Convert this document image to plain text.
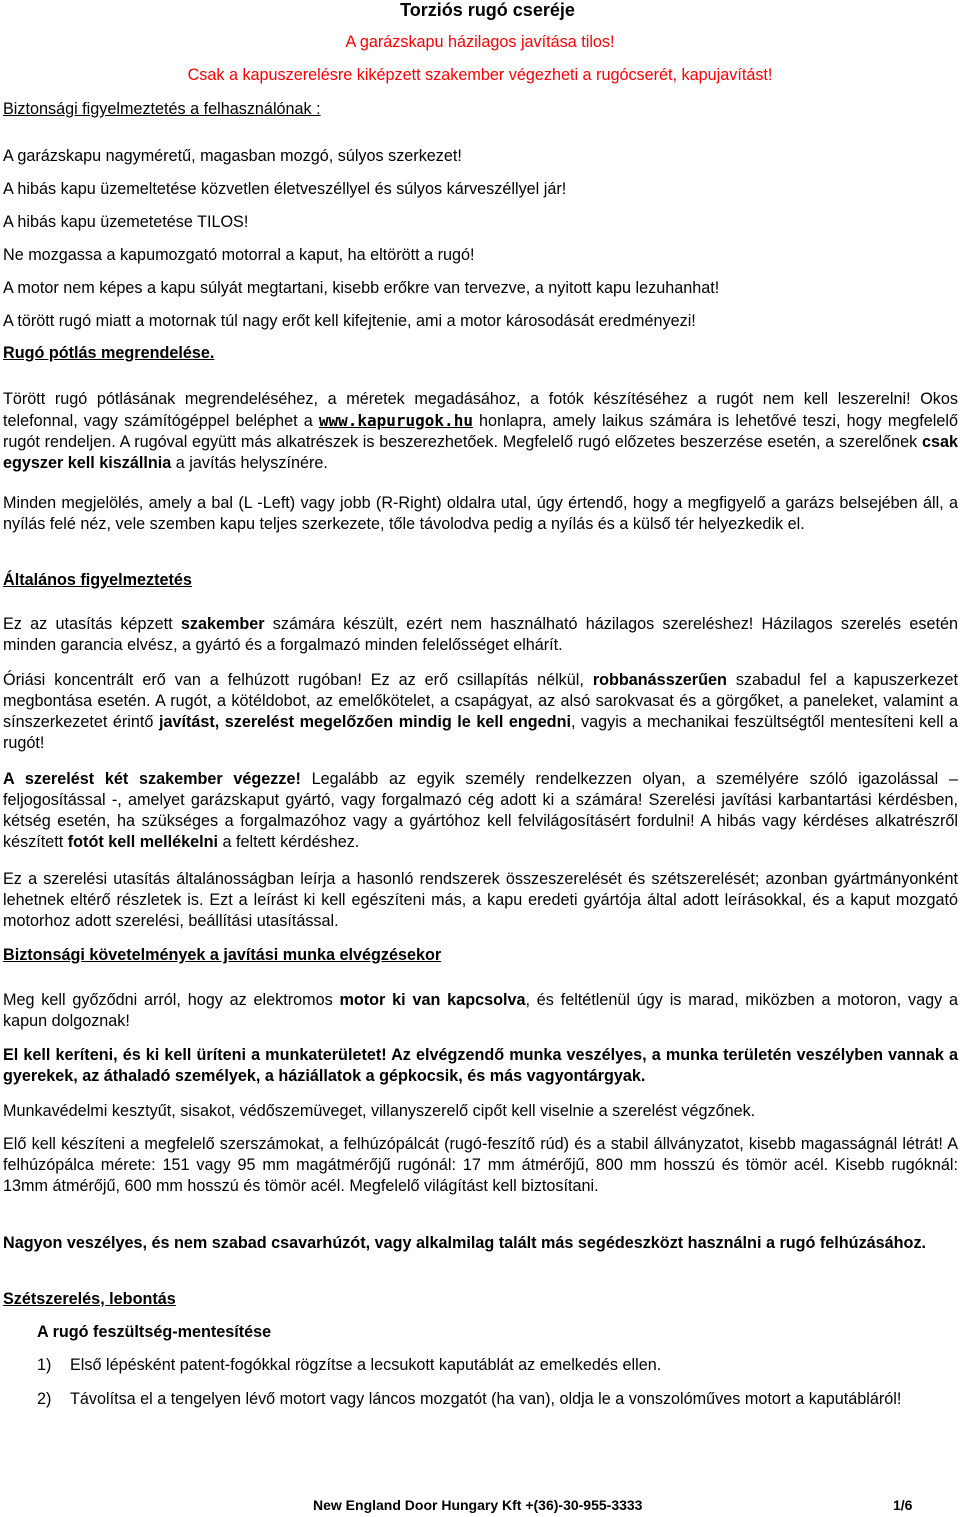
Torziós rugó cseréje
A garázskapu házilagos javítása tilos!
Csak a kapuszerelésre kiképzett szakember végezheti a rugócserét, kapujavítást!
Biztonsági figyelmeztetés a felhasználónak :
A garázskapu nagyméretű, magasban mozgó, súlyos szerkezet!
A hibás kapu üzemeltetése közvetlen életveszéllyel és súlyos kárveszéllyel jár!
A hibás kapu üzemetetése TILOS!
Ne mozgassa a kapumozgató motorral a kaput, ha eltörött a rugó!
A motor nem képes a kapu súlyát megtartani, kisebb erőkre van tervezve, a nyitott kapu lezuhanhat!
A törött rugó miatt a motornak túl nagy erőt kell kifejtenie, ami a motor károsodását eredményezi!
Rugó pótlás megrendelése.
Törött rugó pótlásának megrendeléséhez, a méretek megadásához, a fotók készítéséhez a rugót nem kell leszerelni! Okos telefonnal, vagy számítógéppel beléphet a www.kapurugok.hu honlapra, amely laikus számára is lehetővé teszi, hogy megfelelő rugót rendeljen. A rugóval együtt más alkatrészek is beszerezhetőek. Megfelelő rugó előzetes beszerzése esetén, a szerelőnek csak egyszer kell kiszállnia a javítás helyszínére.
Minden megjelölés, amely a bal (L -Left) vagy jobb (R-Right) oldalra utal, úgy értendő, hogy a megfigyelő a garázs belsejében áll, a nyílás felé néz, vele szemben kapu teljes szerkezete, tőle távolodva pedig a nyílás és a külső tér helyezkedik el.
Általános figyelmeztetés
Ez az utasítás képzett szakember számára készült, ezért nem használható házilagos szereléshez! Házilagos szerelés esetén minden garancia elvész, a gyártó és a forgalmazó minden felelősséget elhárít.
Óriási koncentrált erő van a felhúzott rugóban! Ez az erő csillapítás nélkül, robbanásszerűen szabadul fel a kapuszerkezet megbontása esetén. A rugót, a kötéldobot, az emelőkötelet, a csapágyat, az alsó sarokvasat és a görgőket, a paneleket, valamint a sínszerkezetet érintő javítást, szerelést megelőzően mindig le kell engedni, vagyis a mechanikai feszültségtől mentesíteni kell a rugót!
A szerelést két szakember végezze! Legalább az egyik személy rendelkezzen olyan, a személyére szóló igazolással – feljogosítással -, amelyet garázskaput gyártó, vagy forgalmazó cég adott ki a számára! Szerelési javítási karbantartási kérdésben, kétség esetén, ha szükséges a forgalmazóhoz vagy a gyártóhoz kell felvilágosításért fordulni! A hibás vagy kérdéses alkatrészről készített fotót kell mellékelni a feltett kérdéshez.
Ez a szerelési utasítás általánosságban leírja a hasonló rendszerek összeszerelését és szétszerelését; azonban gyártmányonként lehetnek eltérő részletek is. Ezt a leírást ki kell egészíteni más, a kapu eredeti gyártója által adott leírásokkal, és a kaput mozgató motorhoz adott szerelési, beállítási utasítással.
Biztonsági követelmények a javítási munka elvégzésekor
Meg kell győződni arról, hogy az elektromos motor ki van kapcsolva, és feltétlenül úgy is marad, miközben a motoron, vagy a kapun dolgoznak!
El kell keríteni, és ki kell üríteni a munkaterületet! Az elvégzendő munka veszélyes, a munka területén veszélyben vannak a gyerekek, az áthaladó személyek, a háziállatok a gépkocsik, és más vagyontárgyak.
Munkavédelmi kesztyűt, sisakot, védőszemüveget, villanyszerelő cipőt kell viselnie a szerelést végzőnek.
Elő kell készíteni a megfelelő szerszámokat, a felhúzópálcát (rugó-feszítő rúd) és a stabil állványzatot, kisebb magasságnál létrát! A felhúzópálca mérete: 151 vagy 95 mm magátmérőjű rugónál: 17 mm átmérőjű, 800 mm hosszú és tömör acél. Kisebb rugóknál: 13mm átmérőjű, 600 mm hosszú és tömör acél. Megfelelő világítást kell biztosítani.
Nagyon veszélyes, és nem szabad csavarhúzót, vagy alkalmilag talált más segédeszközt használni a rugó felhúzásához.
Szétszerelés, lebontás
A rugó feszültség-mentesítése
1) Első lépésként patent-fogókkal rögzítse a lecsukott kaputáblát az emelkedés ellen.
2) Távolítsa el a tengelyen lévő motort vagy láncos mozgatót (ha van), oldja le a vonszolóműves motort a kaputábláról!
New England Door Hungary Kft +(36)-30-955-3333	1/6
